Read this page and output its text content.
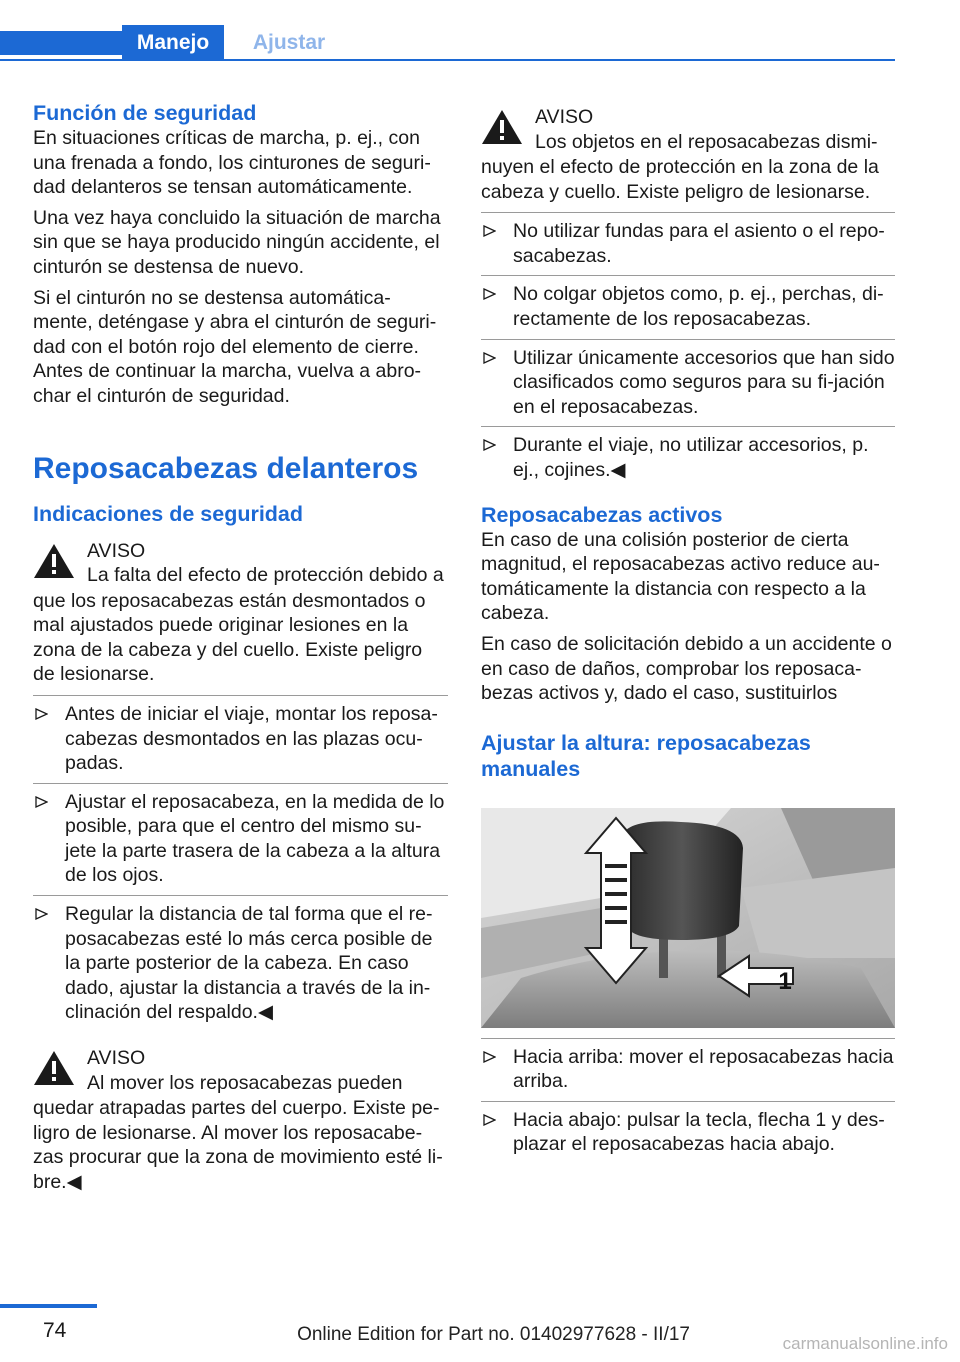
Manejo	Ajustar
Función de seguridad

En situaciones críticas de marcha, p. ej., con una frenada a fondo, los cinturones de seguri‐dad delanteros se tensan automáticamente.

Una vez haya concluido la situación de marcha sin que se haya producido ningún accidente, el cinturón se destensa de nuevo.

Si el cinturón no se destensa automática‐mente, deténgase y abra el cinturón de seguri‐dad con el botón rojo del elemento de cierre. Antes de continuar la marcha, vuelva a abro‐char el cinturón de seguridad.

Reposacabezas delanteros
Indicaciones de seguridad
AVISO
La falta del efecto de protección debido a

que los reposacabezas están desmontados o mal ajustados puede originar lesiones en la zona de la cabeza y del cuello. Existe peligro de lesionarse.

Antes de iniciar el viaje, montar los reposa‐cabezas desmontados en las plazas ocu‐padas.
Ajustar el reposacabeza, en la medida de lo posible, para que el centro del mismo su‐jete la parte trasera de la cabeza a la altura de los ojos.
Regular la distancia de tal forma que el re‐posacabezas esté lo más cerca posible de la parte posterior de la cabeza. En caso dado, ajustar la distancia a través de la in‐clinación del respaldo.◀
AVISO
Al mover los reposacabezas pueden

quedar atrapadas partes del cuerpo. Existe pe‐ligro de lesionarse. Al mover los reposacabe‐zas procurar que la zona de movimiento esté li‐bre.◀

AVISO
Los objetos en el reposacabezas dismi‐

nuyen el efecto de protección en la zona de la cabeza y cuello. Existe peligro de lesionarse.

No utilizar fundas para el asiento o el repo‐sacabezas.
No colgar objetos como, p. ej., perchas, di‐rectamente de los reposacabezas.
Utilizar únicamente accesorios que han sido clasificados como seguros para su fi‐jación en el reposacabezas.
Durante el viaje, no utilizar accesorios, p. ej., cojines.◀
Reposacabezas activos

En caso de una colisión posterior de cierta magnitud, el reposacabezas activo reduce au‐tomáticamente la distancia con respecto a la cabeza.

En caso de solicitación debido a un accidente o en caso de daños, comprobar los reposaca‐bezas activos y, dado el caso, sustituirlos

Ajustar la altura: reposacabezas manuales
1
Hacia arriba: mover el reposacabezas hacia arriba.
Hacia abajo: pulsar la tecla, flecha 1 y des‐plazar el reposacabezas hacia abajo.
74	Online Edition for Part no. 01402977628 - II/17	carmanualsonline.info
